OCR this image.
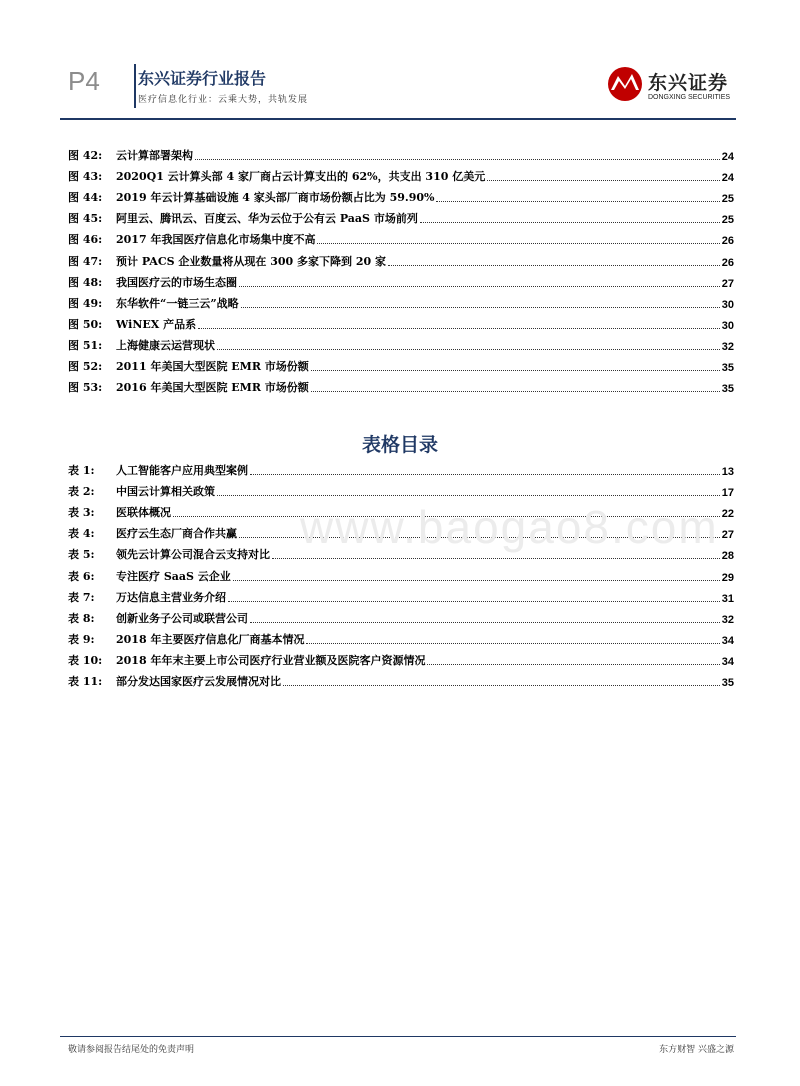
P4 东兴证券行业报告
医疗信息化行业：云乘大势，共轨发展
东兴证券
DONGXING SECURITIES
图 42:	云计算部署架构	24
图 43:	2020Q1 云计算头部 4 家厂商占云计算支出的 62%，共支出 310 亿美元	24
图 44:	2019 年云计算基础设施 4 家头部厂商市场份额占比为 59.90%	25
图 45:	阿里云、腾讯云、百度云、华为云位于公有云 PaaS 市场前列	25
图 46:	2017 年我国医疗信息化市场集中度不高	26
图 47:	预计 PACS 企业数量将从现在 300 多家下降到 20 家	26
图 48:	我国医疗云的市场生态圈	27
图 49:	东华软件“一链三云”战略	30
图 50:	WiNEX 产品系	30
图 51:	上海健康云运营现状	32
图 52:	2011 年美国大型医院 EMR 市场份额	35
图 53:	2016 年美国大型医院 EMR 市场份额	35
表格目录
表 1:	人工智能客户应用典型案例	13
表 2:	中国云计算相关政策	17
表 3:	医联体概况	22
表 4:	医疗云生态厂商合作共赢	27
表 5:	领先云计算公司混合云支持对比	28
表 6:	专注医疗 SaaS 云企业	29
表 7:	万达信息主营业务介绍	31
表 8:	创新业务子公司或联营公司	32
表 9:	2018 年主要医疗信息化厂商基本情况	34
表 10:	2018 年年末主要上市公司医疗行业营业额及医院客户资源情况	34
表 11:	部分发达国家医疗云发展情况对比	35
www.baogao8.com
敬请参阅报告结尾处的免责声明	东方财智 兴盛之源
